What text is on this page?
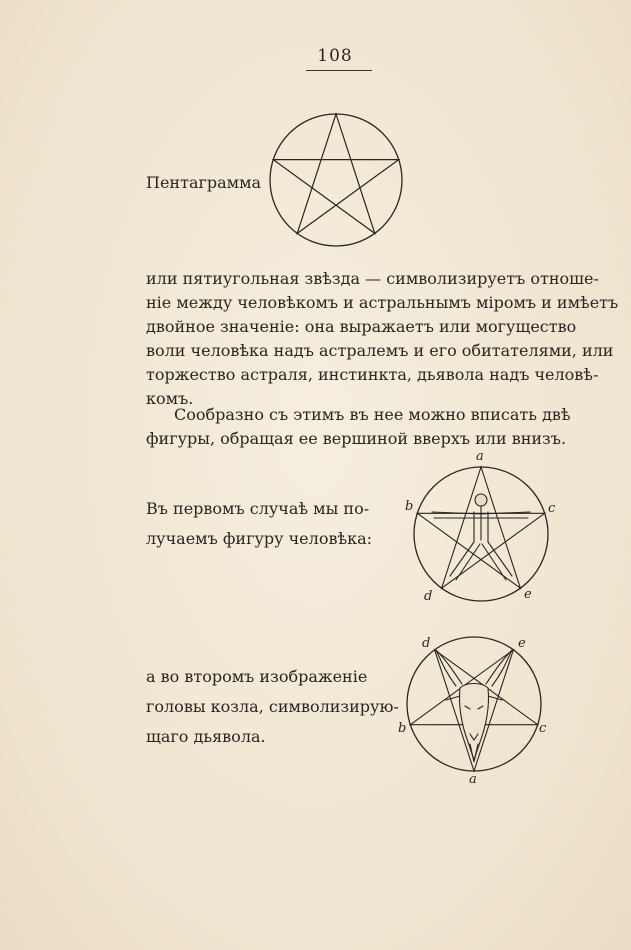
108
Пентаграмма
или пятиугольная звѣзда — символизируетъ отноше-
ніе между человѣкомъ и астральнымъ міромъ и имѣетъ
двойное значеніе: она выражаетъ или могущество
воли человѣка надъ астралемъ и его обитателями, или
торжество астраля, инстинкта, дьявола надъ человѣ-
комъ.
Сообразно съ этимъ въ нее можно вписать двѣ
фигуры, обращая ее вершиной вверхъ или внизъ.
Въ первомъ случаѣ мы по-
лучаемъ фигуру человѣка:
a
b	c
d	e
а во второмъ изображеніе
головы козла, символизирую-
щаго дьявола.
d	e
b	c
a
